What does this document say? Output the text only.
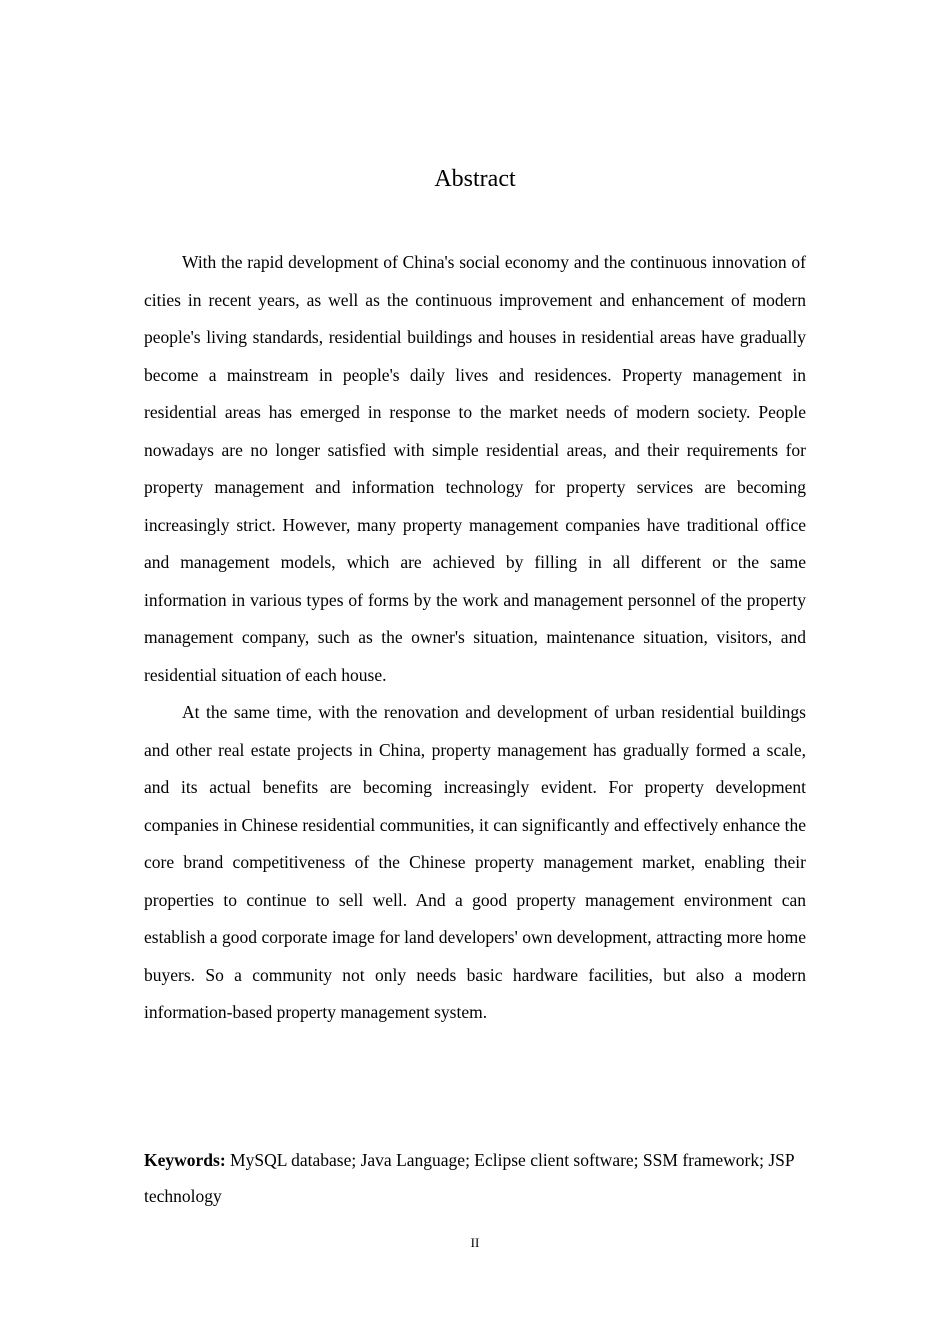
Abstract

With the rapid development of China's social economy and the continuous innovation of cities in recent years, as well as the continuous improvement and enhancement of modern people's living standards, residential buildings and houses in residential areas have gradually become a mainstream in people's daily lives and residences. Property management in residential areas has emerged in response to the market needs of modern society. People nowadays are no longer satisfied with simple residential areas, and their requirements for property management and information technology for property services are becoming increasingly strict. However, many property management companies have traditional office and management models, which are achieved by filling in all different or the same information in various types of forms by the work and management personnel of the property management company, such as the owner's situation, maintenance situation, visitors, and residential situation of each house.

At the same time, with the renovation and development of urban residential buildings and other real estate projects in China, property management has gradually formed a scale, and its actual benefits are becoming increasingly evident. For property development companies in Chinese residential communities, it can significantly and effectively enhance the core brand competitiveness of the Chinese property management market, enabling their properties to continue to sell well. And a good property management environment can establish a good corporate image for land developers' own development, attracting more home buyers. So a community not only needs basic hardware facilities, but also a modern information-based property management system.

Keywords: MySQL database; Java Language; Eclipse client software; SSM framework; JSP technology

II
